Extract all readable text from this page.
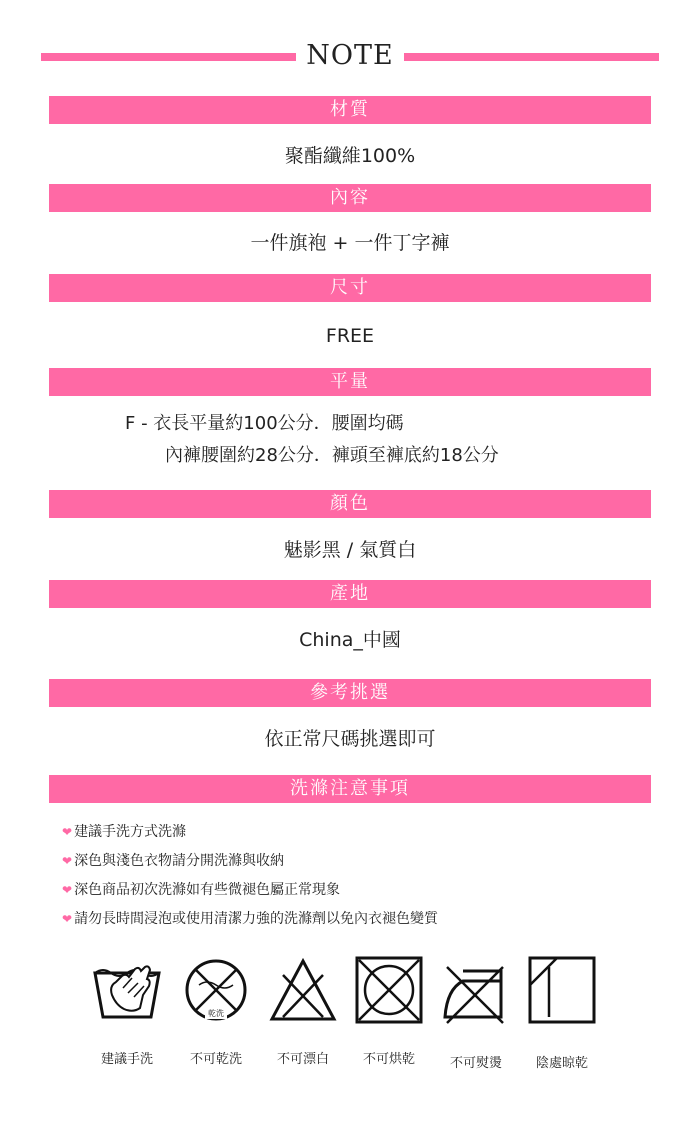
NOTE
材質
聚酯纖維100%
內容
一件旗袍 + 一件丁字褲
尺寸
FREE
平量
F - 衣長平量約100公分．腰圍均碼
內褲腰圍約28公分．褲頭至褲底約18公分
顏色
魅影黑 / 氣質白
產地
China_中國
參考挑選
依正常尺碼挑選即可
洗滌注意事項
❤ 建議手洗方式洗滌
❤ 深色與淺色衣物請分開洗滌與收納
❤ 深色商品初次洗滌如有些微褪色屬正常現象
❤ 請勿長時間浸泡或使用清潔力強的洗滌劑以免內衣褪色變質
乾洗
建議手洗	不可乾洗	不可漂白	不可烘乾	不可熨燙	陰處晾乾
